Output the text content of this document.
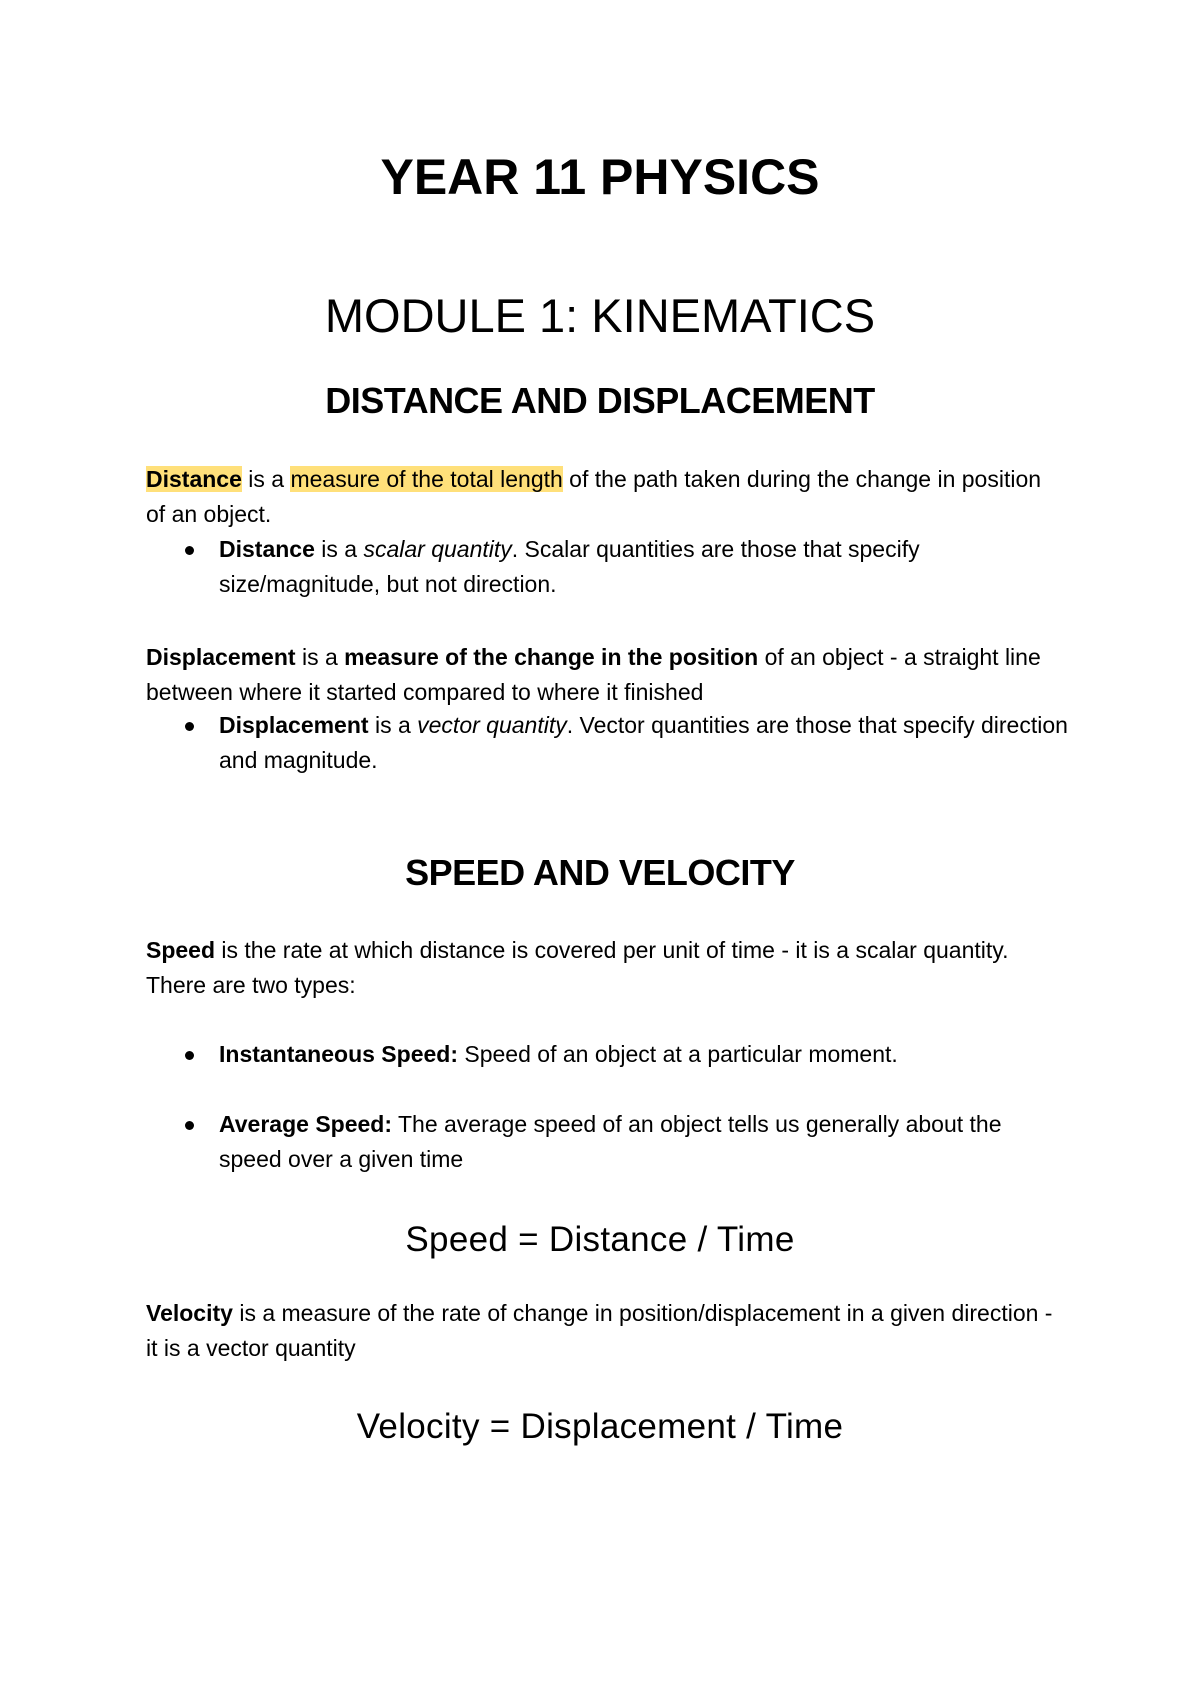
YEAR 11 PHYSICS
MODULE 1: KINEMATICS
DISTANCE AND DISPLACEMENT
Distance is a measure of the total length of the path taken during the change in position of an object.
Distance is a scalar quantity. Scalar quantities are those that specify size/magnitude, but not direction.
Displacement is a measure of the change in the position of an object - a straight line between where it started compared to where it finished
Displacement is a vector quantity. Vector quantities are those that specify direction and magnitude.
SPEED AND VELOCITY
Speed is the rate at which distance is covered per unit of time - it is a scalar quantity. There are two types:
Instantaneous Speed: Speed of an object at a particular moment.
Average Speed: The average speed of an object tells us generally about the speed over a given time
Speed = Distance / Time
Velocity is a measure of the rate of change in position/displacement in a given direction - it is a vector quantity
Velocity = Displacement / Time
